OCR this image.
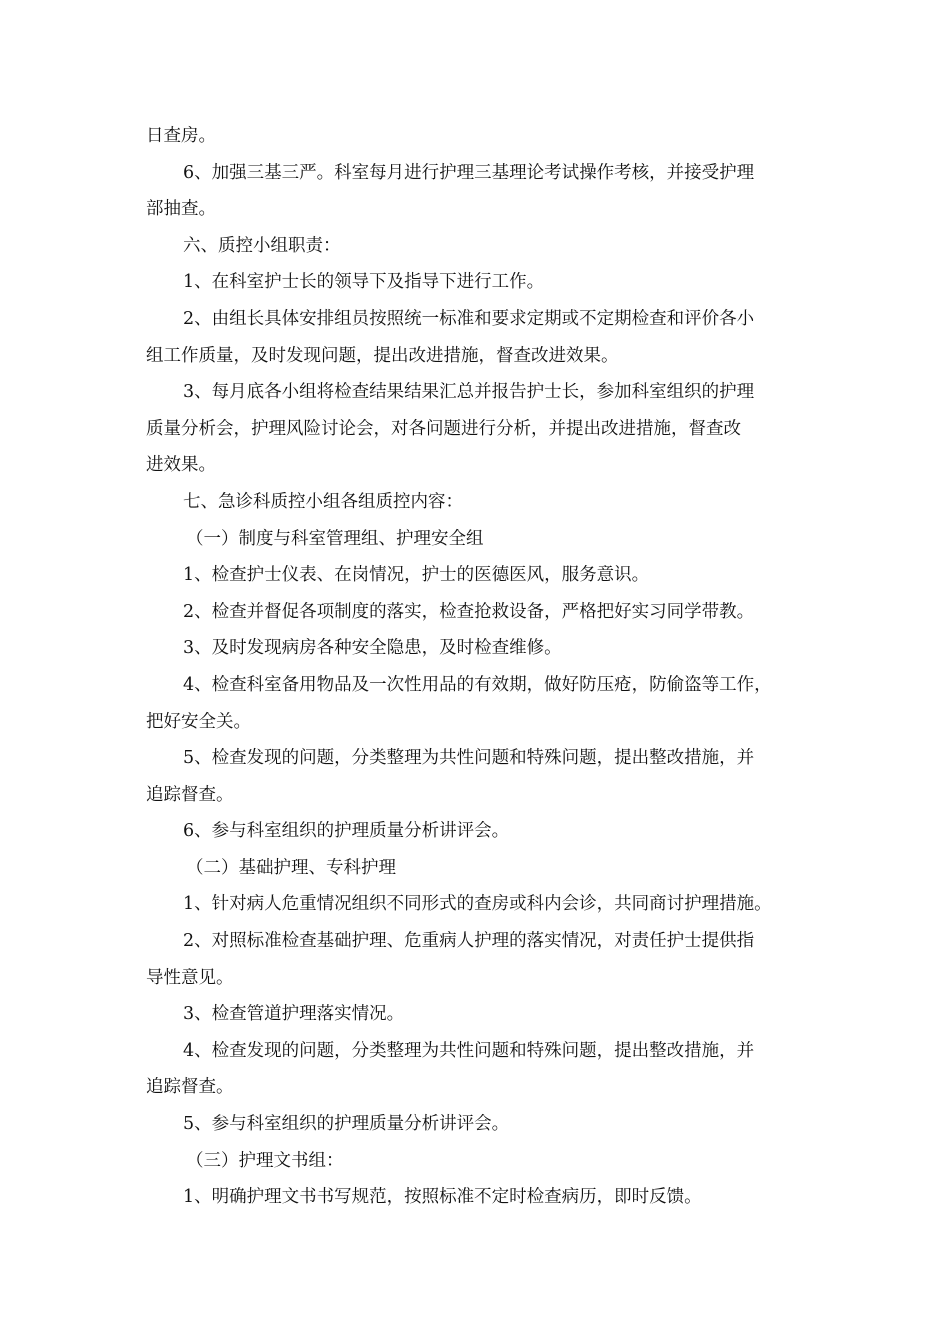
日查房。
6、加强三基三严。科室每月进行护理三基理论考试操作考核，并接受护理
部抽查。
六、质控小组职责：
1、在科室护士长的领导下及指导下进行工作。
2、由组长具体安排组员按照统一标准和要求定期或不定期检查和评价各小
组工作质量，及时发现问题，提出改进措施，督查改进效果。
3、每月底各小组将检查结果结果汇总并报告护士长，参加科室组织的护理
质量分析会，护理风险讨论会，对各问题进行分析，并提出改进措施，督查改
进效果。
七、急诊科质控小组各组质控内容：
（一）制度与科室管理组、护理安全组
1、检查护士仪表、在岗情况，护士的医德医风，服务意识。
2、检查并督促各项制度的落实，检查抢救设备，严格把好实习同学带教。
3、及时发现病房各种安全隐患，及时检查维修。
4、检查科室备用物品及一次性用品的有效期，做好防压疮，防偷盗等工作，
把好安全关。
5、检查发现的问题，分类整理为共性问题和特殊问题，提出整改措施，并
追踪督查。
6、参与科室组织的护理质量分析讲评会。
（二）基础护理、专科护理
1、针对病人危重情况组织不同形式的查房或科内会诊，共同商讨护理措施。
2、对照标准检查基础护理、危重病人护理的落实情况，对责任护士提供指
导性意见。
3、检查管道护理落实情况。
4、检查发现的问题，分类整理为共性问题和特殊问题，提出整改措施，并
追踪督查。
5、参与科室组织的护理质量分析讲评会。
（三）护理文书组：
1、明确护理文书书写规范，按照标准不定时检查病历，即时反馈。
